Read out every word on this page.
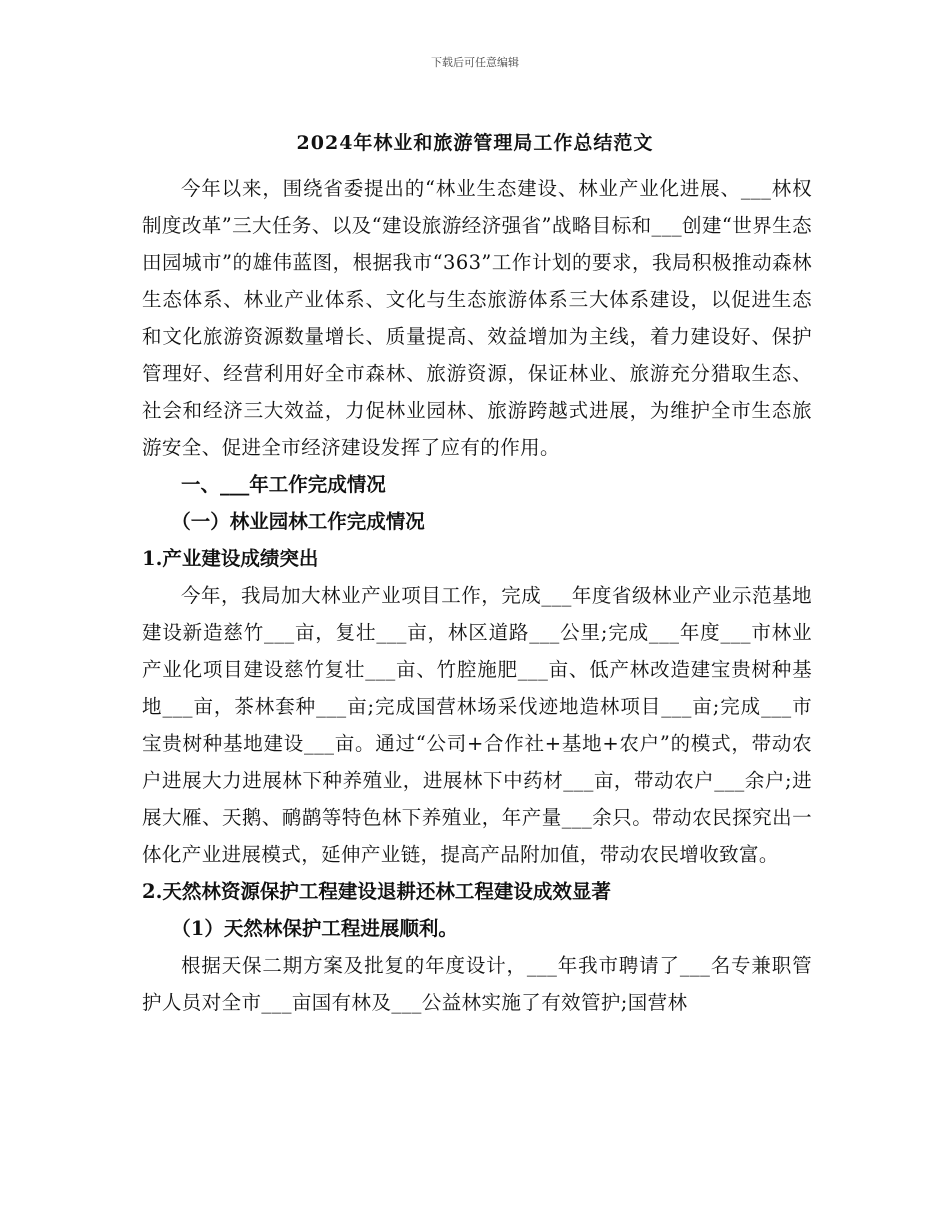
下载后可任意编辑
2024年林业和旅游管理局工作总结范文

今年以来，围绕省委提出的“林业生态建设、林业产业化进展、___林权制度改革”三大任务、以及“建设旅游经济强省”战略目标和___创建“世界生态田园城市”的雄伟蓝图，根据我市“363”工作计划的要求，我局积极推动森林生态体系、林业产业体系、文化与生态旅游体系三大体系建设，以促进生态和文化旅游资源数量增长、质量提高、效益增加为主线，着力建设好、保护管理好、经营利用好全市森林、旅游资源，保证林业、旅游充分猎取生态、社会和经济三大效益，力促林业园林、旅游跨越式进展，为维护全市生态旅游安全、促进全市经济建设发挥了应有的作用。

一、___年工作完成情况

（一）林业园林工作完成情况

1.产业建设成绩突出

今年，我局加大林业产业项目工作，完成___年度省级林业产业示范基地建设新造慈竹___亩，复壮___亩，林区道路___公里;完成___年度___市林业产业化项目建设慈竹复壮___亩、竹腔施肥___亩、低产林改造建宝贵树种基地___亩，茶林套种___亩;完成国营林场采伐迹地造林项目___亩;完成___市宝贵树种基地建设___亩。通过“公司+合作社+基地+农户”的模式，带动农户进展大力进展林下种养殖业，进展林下中药材___亩，带动农户___余户;进展大雁、天鹅、鸸鹋等特色林下养殖业，年产量___余只。带动农民探究出一体化产业进展模式，延伸产业链，提高产品附加值，带动农民增收致富。

2.天然林资源保护工程建设退耕还林工程建设成效显著

（1）天然林保护工程进展顺利。

根据天保二期方案及批复的年度设计，___年我市聘请了___名专兼职管护人员对全市___亩国有林及___公益林实施了有效管护;国营林
